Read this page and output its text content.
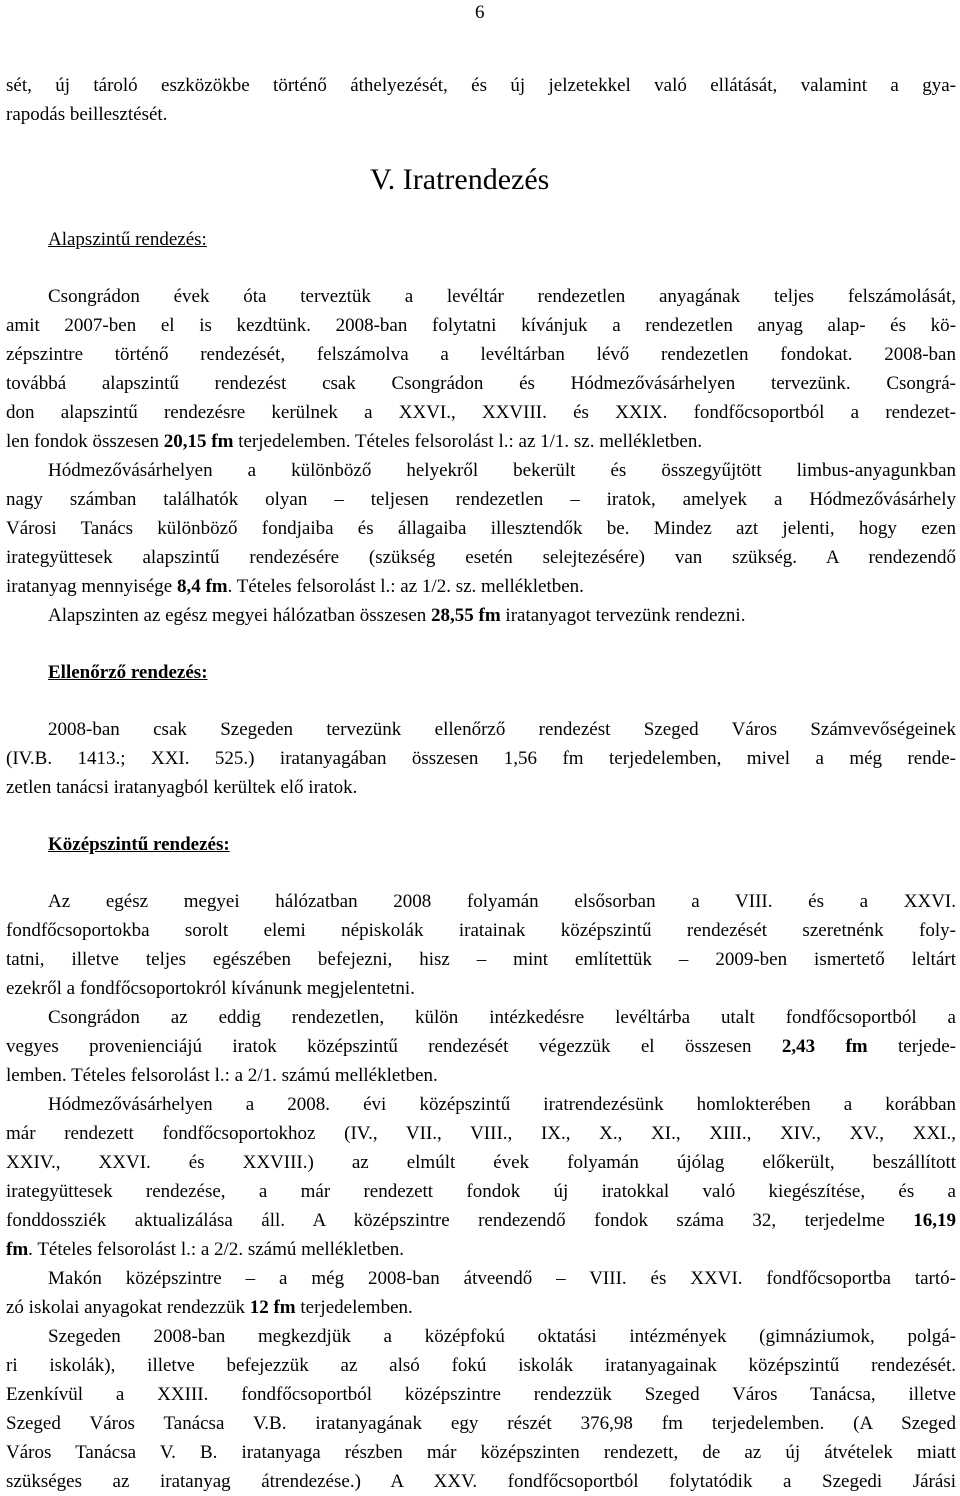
6
sét, új tároló eszközökbe történő áthelyezését, és új jelzetekkel való ellátását, valamint a gya-
rapodás beillesztését.
V. Iratrendezés
Alapszintű rendezés:
Csongrádon évek óta terveztük a levéltár rendezetlen anyagának teljes felszámolását,
amit 2007-ben el is kezdtünk. 2008-ban folytatni kívánjuk a rendezetlen anyag alap- és kö-
zépszintre történő rendezését, felszámolva a levéltárban lévő rendezetlen fondokat. 2008-ban
továbbá alapszintű rendezést csak Csongrádon és Hódmezővásárhelyen tervezünk. Csongrá-
don alapszintű rendezésre kerülnek a XXVI., XXVIII. és XXIX. fondfőcsoportból a rendezet-
len fondok összesen 20,15 fm terjedelemben. Tételes felsorolást l.: az 1/1. sz. mellékletben.
Hódmezővásárhelyen a különböző helyekről bekerült és összegyűjtött limbus-anyagunkban
nagy számban találhatók olyan – teljesen rendezetlen – iratok, amelyek a Hódmezővásárhely
Városi Tanács különböző fondjaiba és állagaiba illesztendők be. Mindez azt jelenti, hogy ezen
irategyüttesek alapszintű rendezésére (szükség esetén selejtezésére) van szükség. A rendezendő
iratanyag mennyisége 8,4 fm. Tételes felsorolást l.: az 1/2. sz. mellékletben.
Alapszinten az egész megyei hálózatban összesen 28,55 fm iratanyagot tervezünk rendezni.
Ellenőrző rendezés:
2008-ban csak Szegeden tervezünk ellenőrző rendezést Szeged Város Számvevőségeinek
(IV.B. 1413.; XXI. 525.) iratanyagában összesen 1,56 fm terjedelemben, mivel a még rende-
zetlen tanácsi iratanyagból kerültek elő iratok.
Középszintű rendezés:
Az egész megyei hálózatban 2008 folyamán elsősorban a VIII. és a XXVI.
fondfőcsoportokba sorolt elemi népiskolák iratainak középszintű rendezését szeretnénk foly-
tatni, illetve teljes egészében befejezni, hisz – mint említettük – 2009-ben ismertető leltárt
ezekről a fondfőcsoportokról kívánunk megjelentetni.
Csongrádon az eddig rendezetlen, külön intézkedésre levéltárba utalt fondfőcsoportból a
vegyes provenienciájú iratok középszintű rendezését végezzük el összesen 2,43 fm terjede-
lemben. Tételes felsorolást l.: a 2/1. számú mellékletben.
Hódmezővásárhelyen a 2008. évi középszintű iratrendezésünk homlokterében a korábban
már rendezett fondfőcsoportokhoz (IV., VII., VIII., IX., X., XI., XIII., XIV., XV., XXI.,
XXIV., XXVI. és XXVIII.) az elmúlt évek folyamán újólag előkerült, beszállított
irategyüttesek rendezése, a már rendezett fondok új iratokkal való kiegészítése, és a
fonddossziék aktualizálása áll. A középszintre rendezendő fondok száma 32, terjedelme 16,19
fm. Tételes felsorolást l.: a 2/2. számú mellékletben.
Makón középszintre – a még 2008-ban átveendő – VIII. és XXVI. fondfőcsoportba tartó-
zó iskolai anyagokat rendezzük 12 fm terjedelemben.
Szegeden 2008-ban megkezdjük a középfokú oktatási intézmények (gimnáziumok, polgá-
ri iskolák), illetve befejezzük az alsó fokú iskolák iratanyagainak középszintű rendezését.
Ezenkívül a XXIII. fondfőcsoportból középszintre rendezzük Szeged Város Tanácsa, illetve
Szeged Város Tanácsa V.B. iratanyagának egy részét 376,98 fm terjedelemben. (A Szeged
Város Tanácsa V. B. iratanyaga részben már középszinten rendezett, de az új átvételek miatt
szükséges az iratanyag átrendezése.) A XXV. fondfőcsoportból folytatódik a Szegedi Járási
